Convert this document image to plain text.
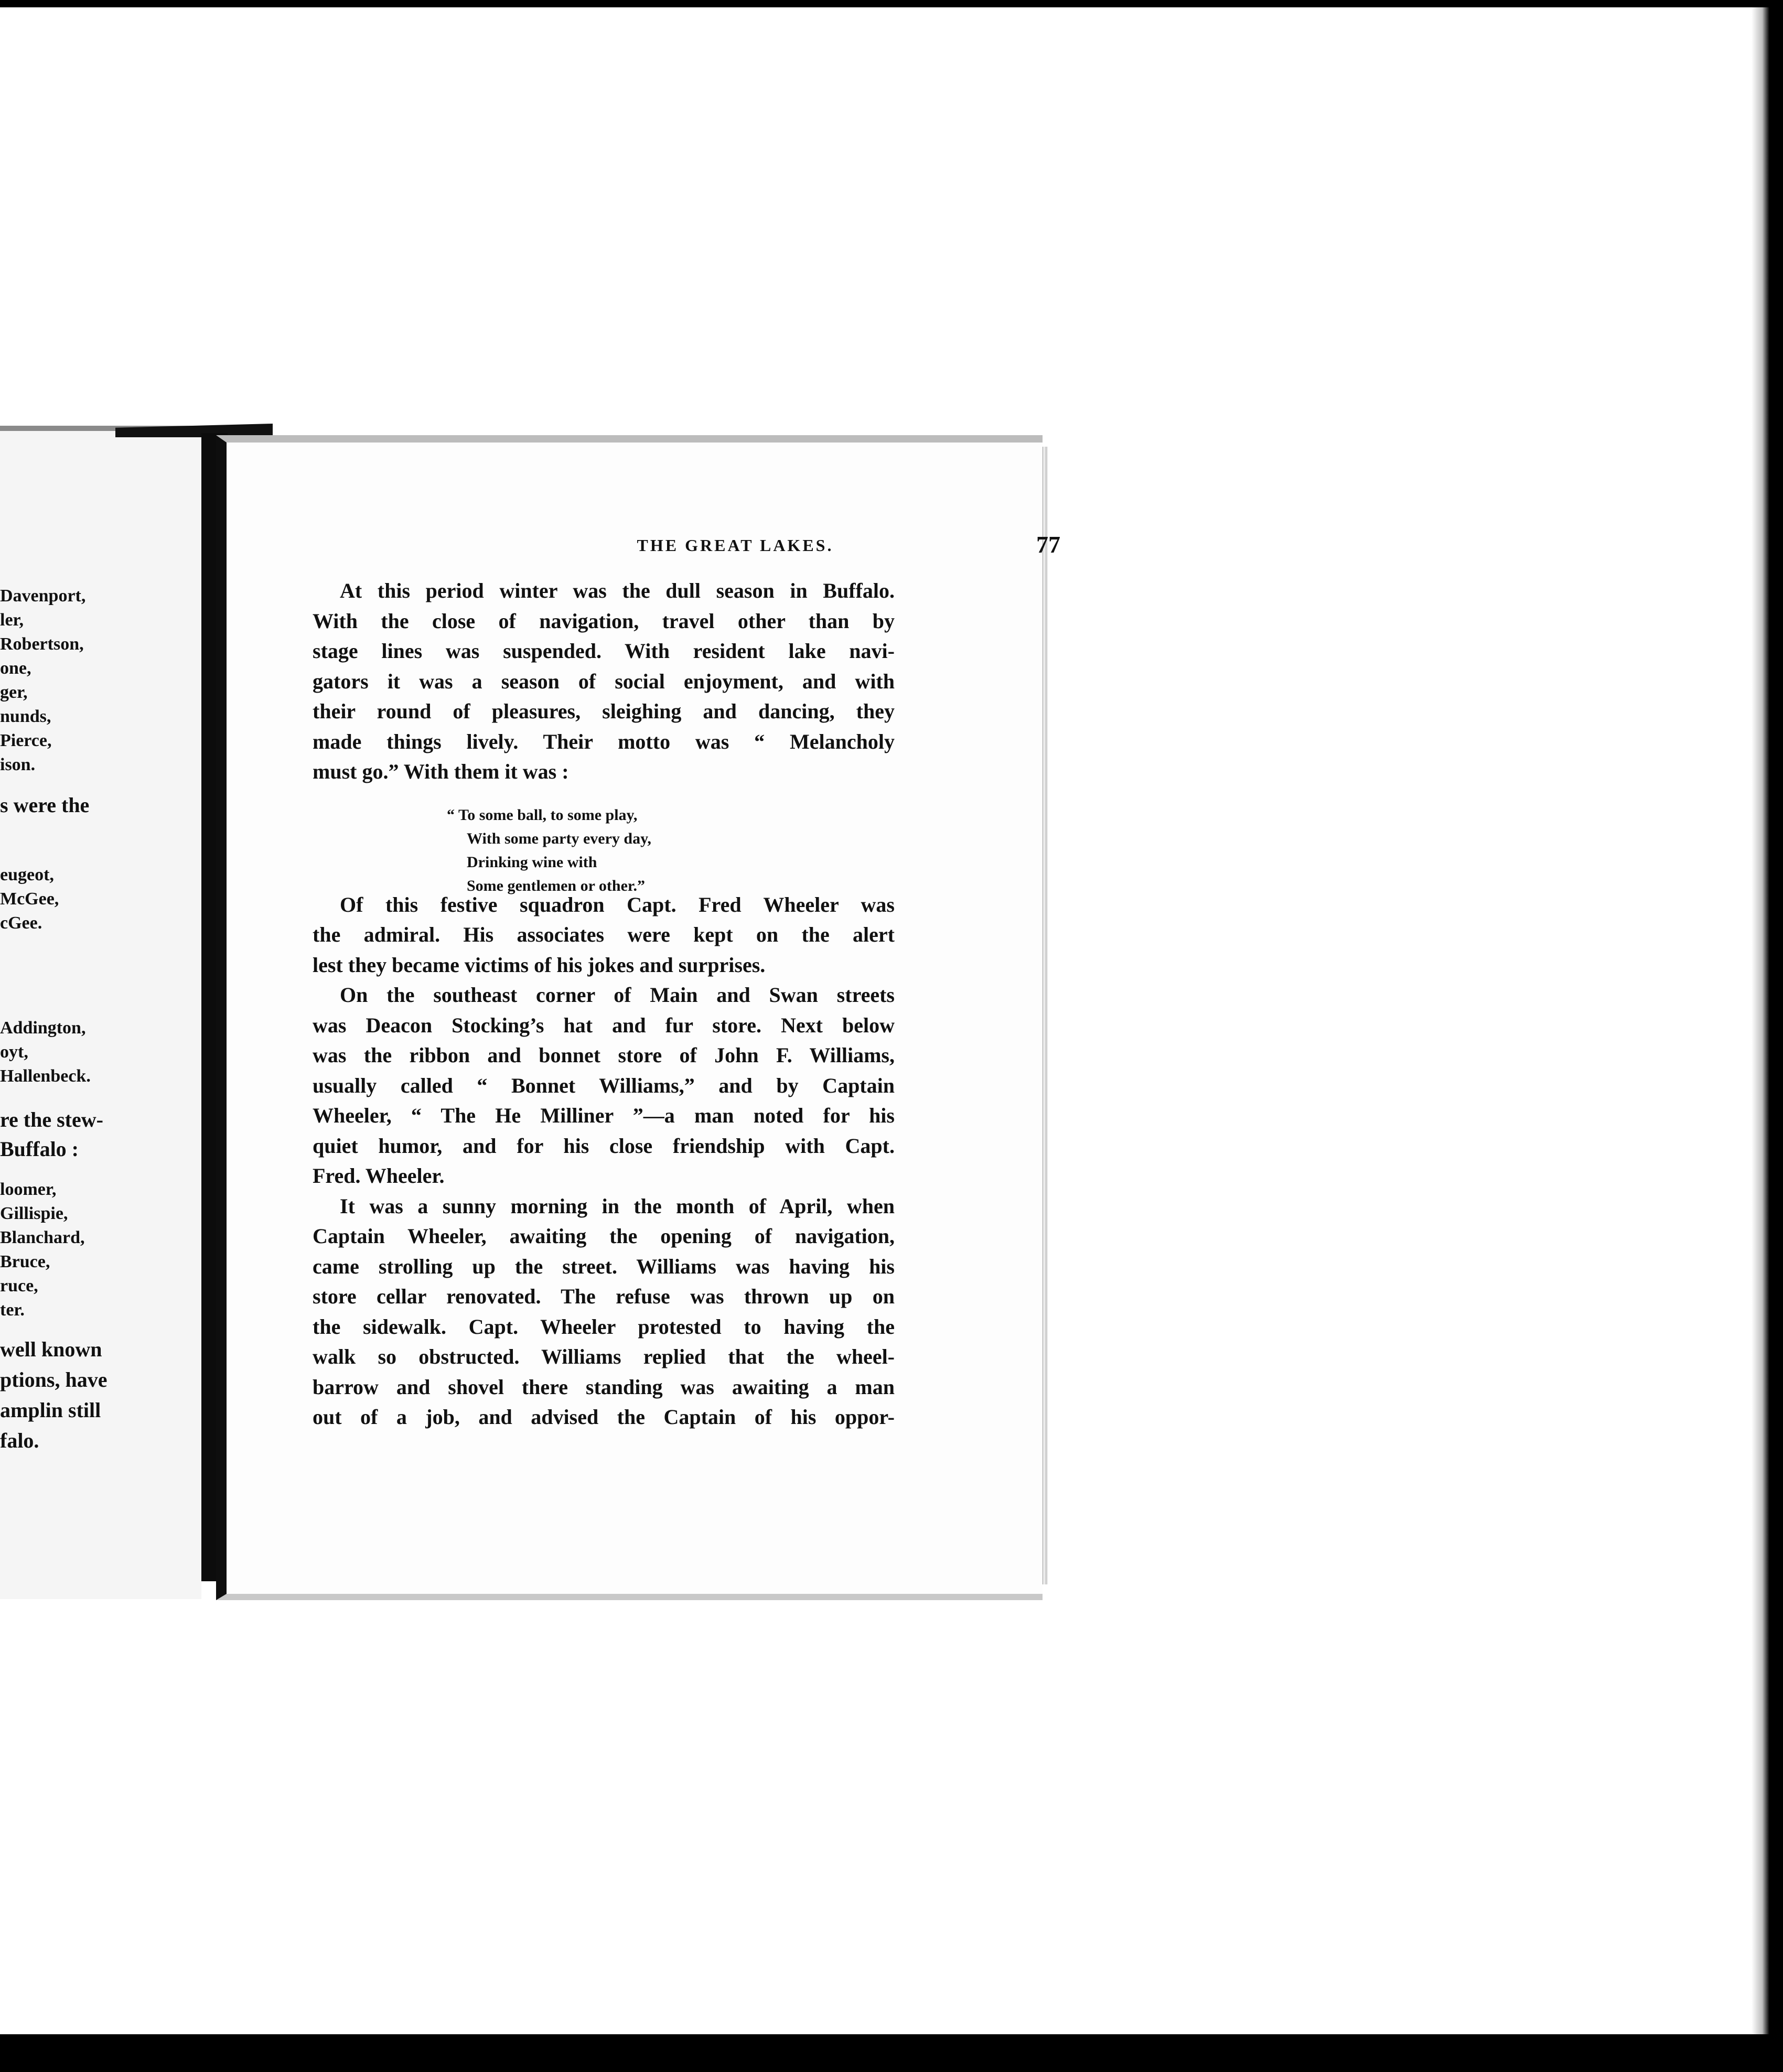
Davenport,
ler,
Robertson,
one,
ger,
nunds,
Pierce,
ison.
s were the
eugeot,
McGee,
cGee.
Addington,
oyt,
Hallenbeck.
re the stew-
Buffalo :
loomer,
Gillispie,
Blanchard,
Bruce,
ruce,
ter.
well known
ptions, have
amplin still
falo.
THE GREAT LAKES.	77
At this period winter was the dull season in Buffalo.
With the close of navigation, travel other than by
stage lines was suspended. With resident lake navi-
gators it was a season of social enjoyment, and with
their round of pleasures, sleighing and dancing, they
made things lively. Their motto was “ Melancholy
must go.” With them it was :
Of this festive squadron Capt. Fred Wheeler was
the admiral. His associates were kept on the alert
lest they became victims of his jokes and surprises.
On the southeast corner of Main and Swan streets
was Deacon Stocking’s hat and fur store. Next below
was the ribbon and bonnet store of John F. Williams,
usually called “ Bonnet Williams,” and by Captain
Wheeler, “ The He Milliner ”—a man noted for his
quiet humor, and for his close friendship with Capt.
Fred. Wheeler.
It was a sunny morning in the month of April, when
Captain Wheeler, awaiting the opening of navigation,
came strolling up the street. Williams was having his
store cellar renovated. The refuse was thrown up on
the sidewalk. Capt. Wheeler protested to having the
walk so obstructed. Williams replied that the wheel-
barrow and shovel there standing was awaiting a man
out of a job, and advised the Captain of his oppor-
“ To some ball, to some play,
With some party every day,
Drinking wine with
Some gentlemen or other.”
